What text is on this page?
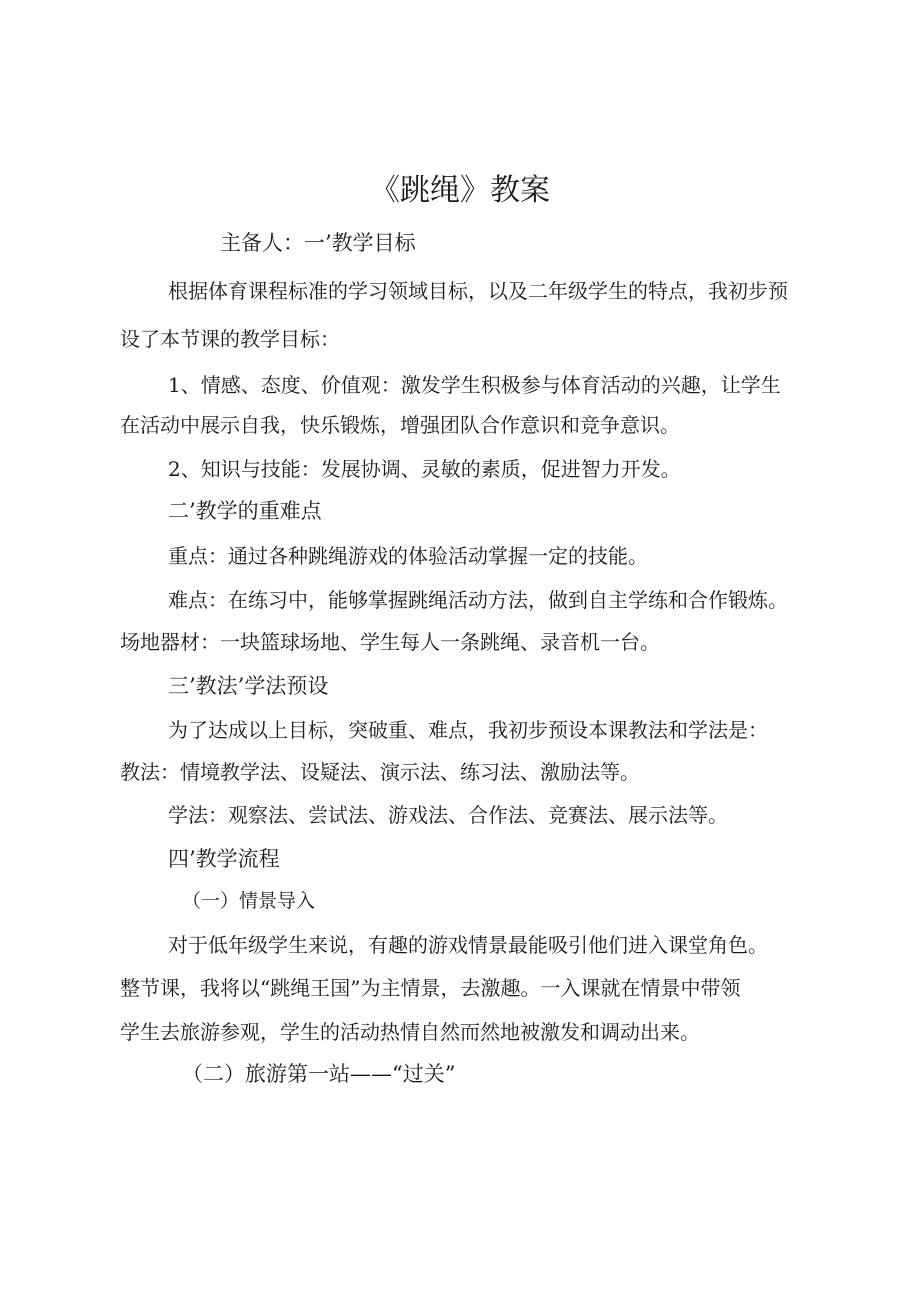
《跳绳》教案
主备人：一’教学目标
根据体育课程标准的学习领域目标，以及二年级学生的特点，我初步预
设了本节课的教学目标：
1、情感、态度、价值观：激发学生积极参与体育活动的兴趣，让学生
在活动中展示自我，快乐锻炼，增强团队合作意识和竞争意识。
2、知识与技能：发展协调、灵敏的素质，促进智力开发。
二’教学的重难点
重点：通过各种跳绳游戏的体验活动掌握一定的技能。
难点：在练习中，能够掌握跳绳活动方法，做到自主学练和合作锻炼。
场地器材：一块篮球场地、学生每人一条跳绳、录音机一台。
三’教法’学法预设
为了达成以上目标，突破重、难点，我初步预设本课教法和学法是：
教法：情境教学法、设疑法、演示法、练习法、激励法等。
学法：观察法、尝试法、游戏法、合作法、竞赛法、展示法等。
四’教学流程
（一）情景导入
对于低年级学生来说，有趣的游戏情景最能吸引他们进入课堂角色。
整节课，我将以“跳绳王国”为主情景，去激趣。一入课就在情景中带领
学生去旅游参观，学生的活动热情自然而然地被激发和调动出来。
（二）旅游第一站——“过关”
